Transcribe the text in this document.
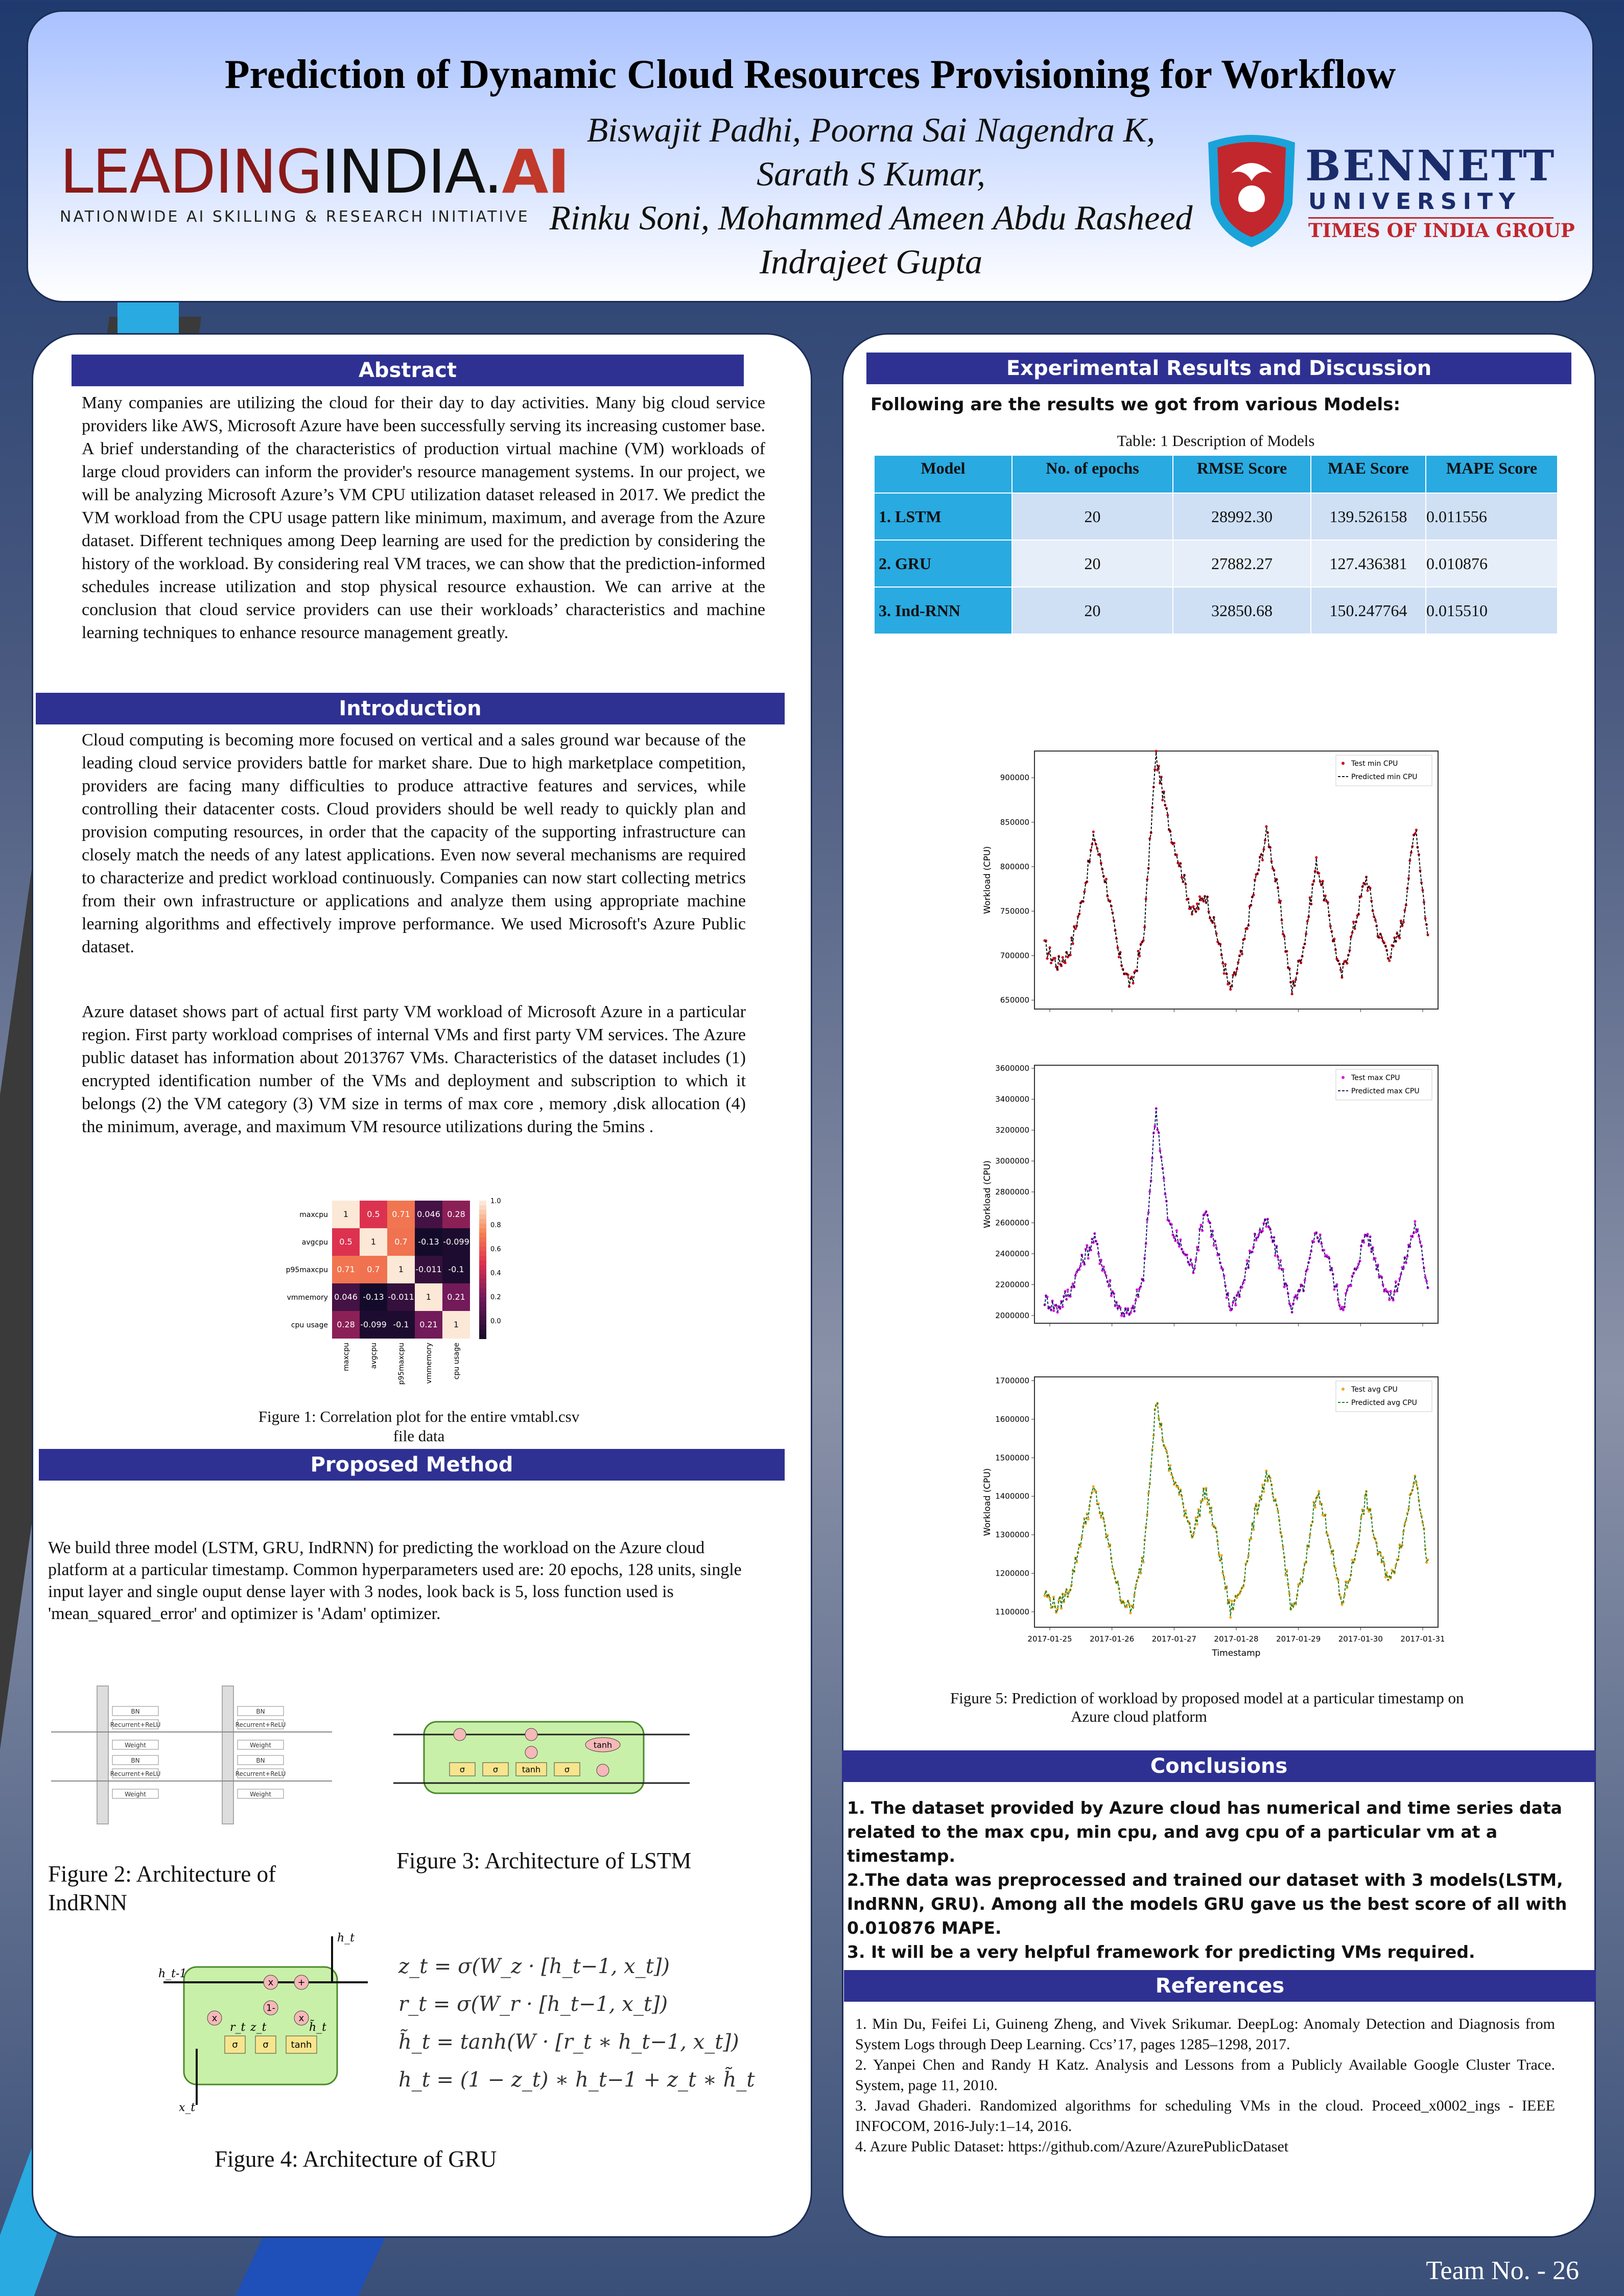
Prediction of Dynamic Cloud Resources Provisioning for Workflow
Biswajit Padhi, Poorna Sai Nagendra K,
Sarath S Kumar,
Rinku Soni, Mohammed Ameen Abdu Rasheed
Indrajeet Gupta
LEADINGINDIA.AI
NATIONWIDE AI SKILLING & RESEARCH INITIATIVE
BENNETT
UNIVERSITY
TIMES OF INDIA GROUP
Abstract
Many companies are utilizing the cloud for their day to day activities. Many big cloud service providers like AWS, Microsoft Azure have been successfully serving its increasing customer base. A brief understanding of the characteristics of production virtual machine (VM) workloads of large cloud providers can inform the provider's resource management systems. In our project, we will be analyzing Microsoft Azure’s VM CPU utilization dataset released in 2017. We predict the VM workload from the CPU usage pattern like minimum, maximum, and average from the Azure dataset. Different techniques among Deep learning are used for the prediction by considering the history of the workload. By considering real VM traces, we can show that the prediction-informed schedules increase utilization and stop physical resource exhaustion. We can arrive at the conclusion that cloud service providers can use their workloads’ characteristics and machine learning techniques to enhance resource management greatly.
Introduction
Cloud computing is becoming more focused on vertical and a sales ground war because of the leading cloud service providers battle for market share. Due to high marketplace competition, providers are facing many difficulties to produce attractive features and services, while controlling their datacenter costs. Cloud providers should be well ready to quickly plan and provision computing resources, in order that the capacity of the supporting infrastructure can closely match the needs of any latest applications. Even now several mechanisms are required to characterize and predict workload continuously. Companies can now start collecting metrics from their own infrastructure or applications and analyze them using appropriate machine learning algorithms and effectively improve performance. We used Microsoft's Azure Public dataset.
Azure dataset shows part of actual first party VM workload of Microsoft Azure in a particular region. First party workload comprises of internal VMs and first party VM services. The Azure public dataset has information about 2013767 VMs. Characteristics of the dataset includes (1) encrypted identification number of the VMs and deployment and subscription to which it belongs (2) the VM category (3) VM size in terms of max core , memory ,disk allocation (4) the minimum, average, and maximum VM resource utilizations during the 5mins .
maxcpu
maxcpu
1 0.5 0.71 0.046 0.28
avgcpu
avgcpu
0.5 1 0.7 -0.13 -0.099
p95maxcpu
p95maxcpu
0.71 0.7 1 -0.011 -0.1
vmmemory
vmmemory
0.046 -0.13 -0.011 1 0.21
cpu usage
cpu usage
0.28 -0.099 -0.1 0.21 1
1.0
0.8
0.6
0.4
0.2
0.0
Figure 1: Correlation plot for the entire vmtabl.csv
file data
Proposed Method
We build three model (LSTM, GRU, IndRNN) for predicting the workload on the Azure cloud platform at a particular timestamp. Common hyperparameters used are: 20 epochs, 128 units, single input layer and single ouput dense layer with 3 nodes, look back is 5, loss function used is 'mean_squared_error' and optimizer is 'Adam' optimizer.
BN
Recurrent+ReLU
Weight
BN
Recurrent+ReLU
Weight
BN
Recurrent+ReLU
Weight
BN
Recurrent+ReLU
Weight
Figure 2: Architecture of
IndRNN
σ	σ	tanh	σ
tanh
Figure 3: Architecture of LSTM
σ	σ tanh
x	+
1-
x	x
h_t
h_t-1
x_t
z_t
r_t	h̃_t
z_t = σ(W_z · [h_t−1, x_t])
r_t = σ(W_r · [h_t−1, x_t])
h̃_t = tanh(W · [r_t ∗ h_t−1, x_t])
h_t = (1 − z_t) ∗ h_t−1 + z_t ∗ h̃_t
Figure 4: Architecture of GRU
Experimental Results and Discussion
Following are the results we got from various Models:
Table: 1 Description of Models
Model	No. of epochs	RMSE Score	MAE Score	MAPE Score
1. LSTM	20	28992.30	139.526158	0.011556
2. GRU	20	27882.27	127.436381	0.010876
3. Ind-RNN	20	32850.68	150.247764	0.015510
900000
850000
800000
750000
700000
650000
Workload (CPU)
Test min CPU
Predicted min CPU
3600000
3400000
3200000
3000000
2800000
2600000
2400000
2200000
2000000
Workload (CPU)
Test max CPU
Predicted max CPU
1700000
1600000
1500000
1400000
1300000
1200000
1100000
Workload (CPU)
2017-01-25 2017-01-26 2017-01-27 2017-01-28 2017-01-29 2017-01-30 2017-01-31
Timestamp
Test avg CPU
Predicted avg CPU
Figure 5: Prediction of workload by proposed model at a particular timestamp on
Azure cloud platform
Conclusions
1. The dataset provided by Azure cloud has numerical and time series data related to the max cpu, min cpu, and avg cpu of a particular vm at a timestamp.
2.The data was preprocessed and trained our dataset with 3 models(LSTM, IndRNN, GRU). Among all the models GRU gave us the best score of all with 0.010876 MAPE.
3. It will be a very helpful framework for predicting VMs required.
References
1. Min Du, Feifei Li, Guineng Zheng, and Vivek Srikumar. DeepLog: Anomaly Detection and Diagnosis from System Logs through Deep Learning. Ccs’17, pages 1285–1298, 2017.
2. Yanpei Chen and Randy H Katz. Analysis and Lessons from a Publicly Available Google Cluster Trace. System, page 11, 2010.
3. Javad Ghaderi. Randomized algorithms for scheduling VMs in the cloud. Proceed_x0002_ings - IEEE INFOCOM, 2016-July:1–14, 2016.
4. Azure Public Dataset: https://github.com/Azure/AzurePublicDataset
Team No. - 26
